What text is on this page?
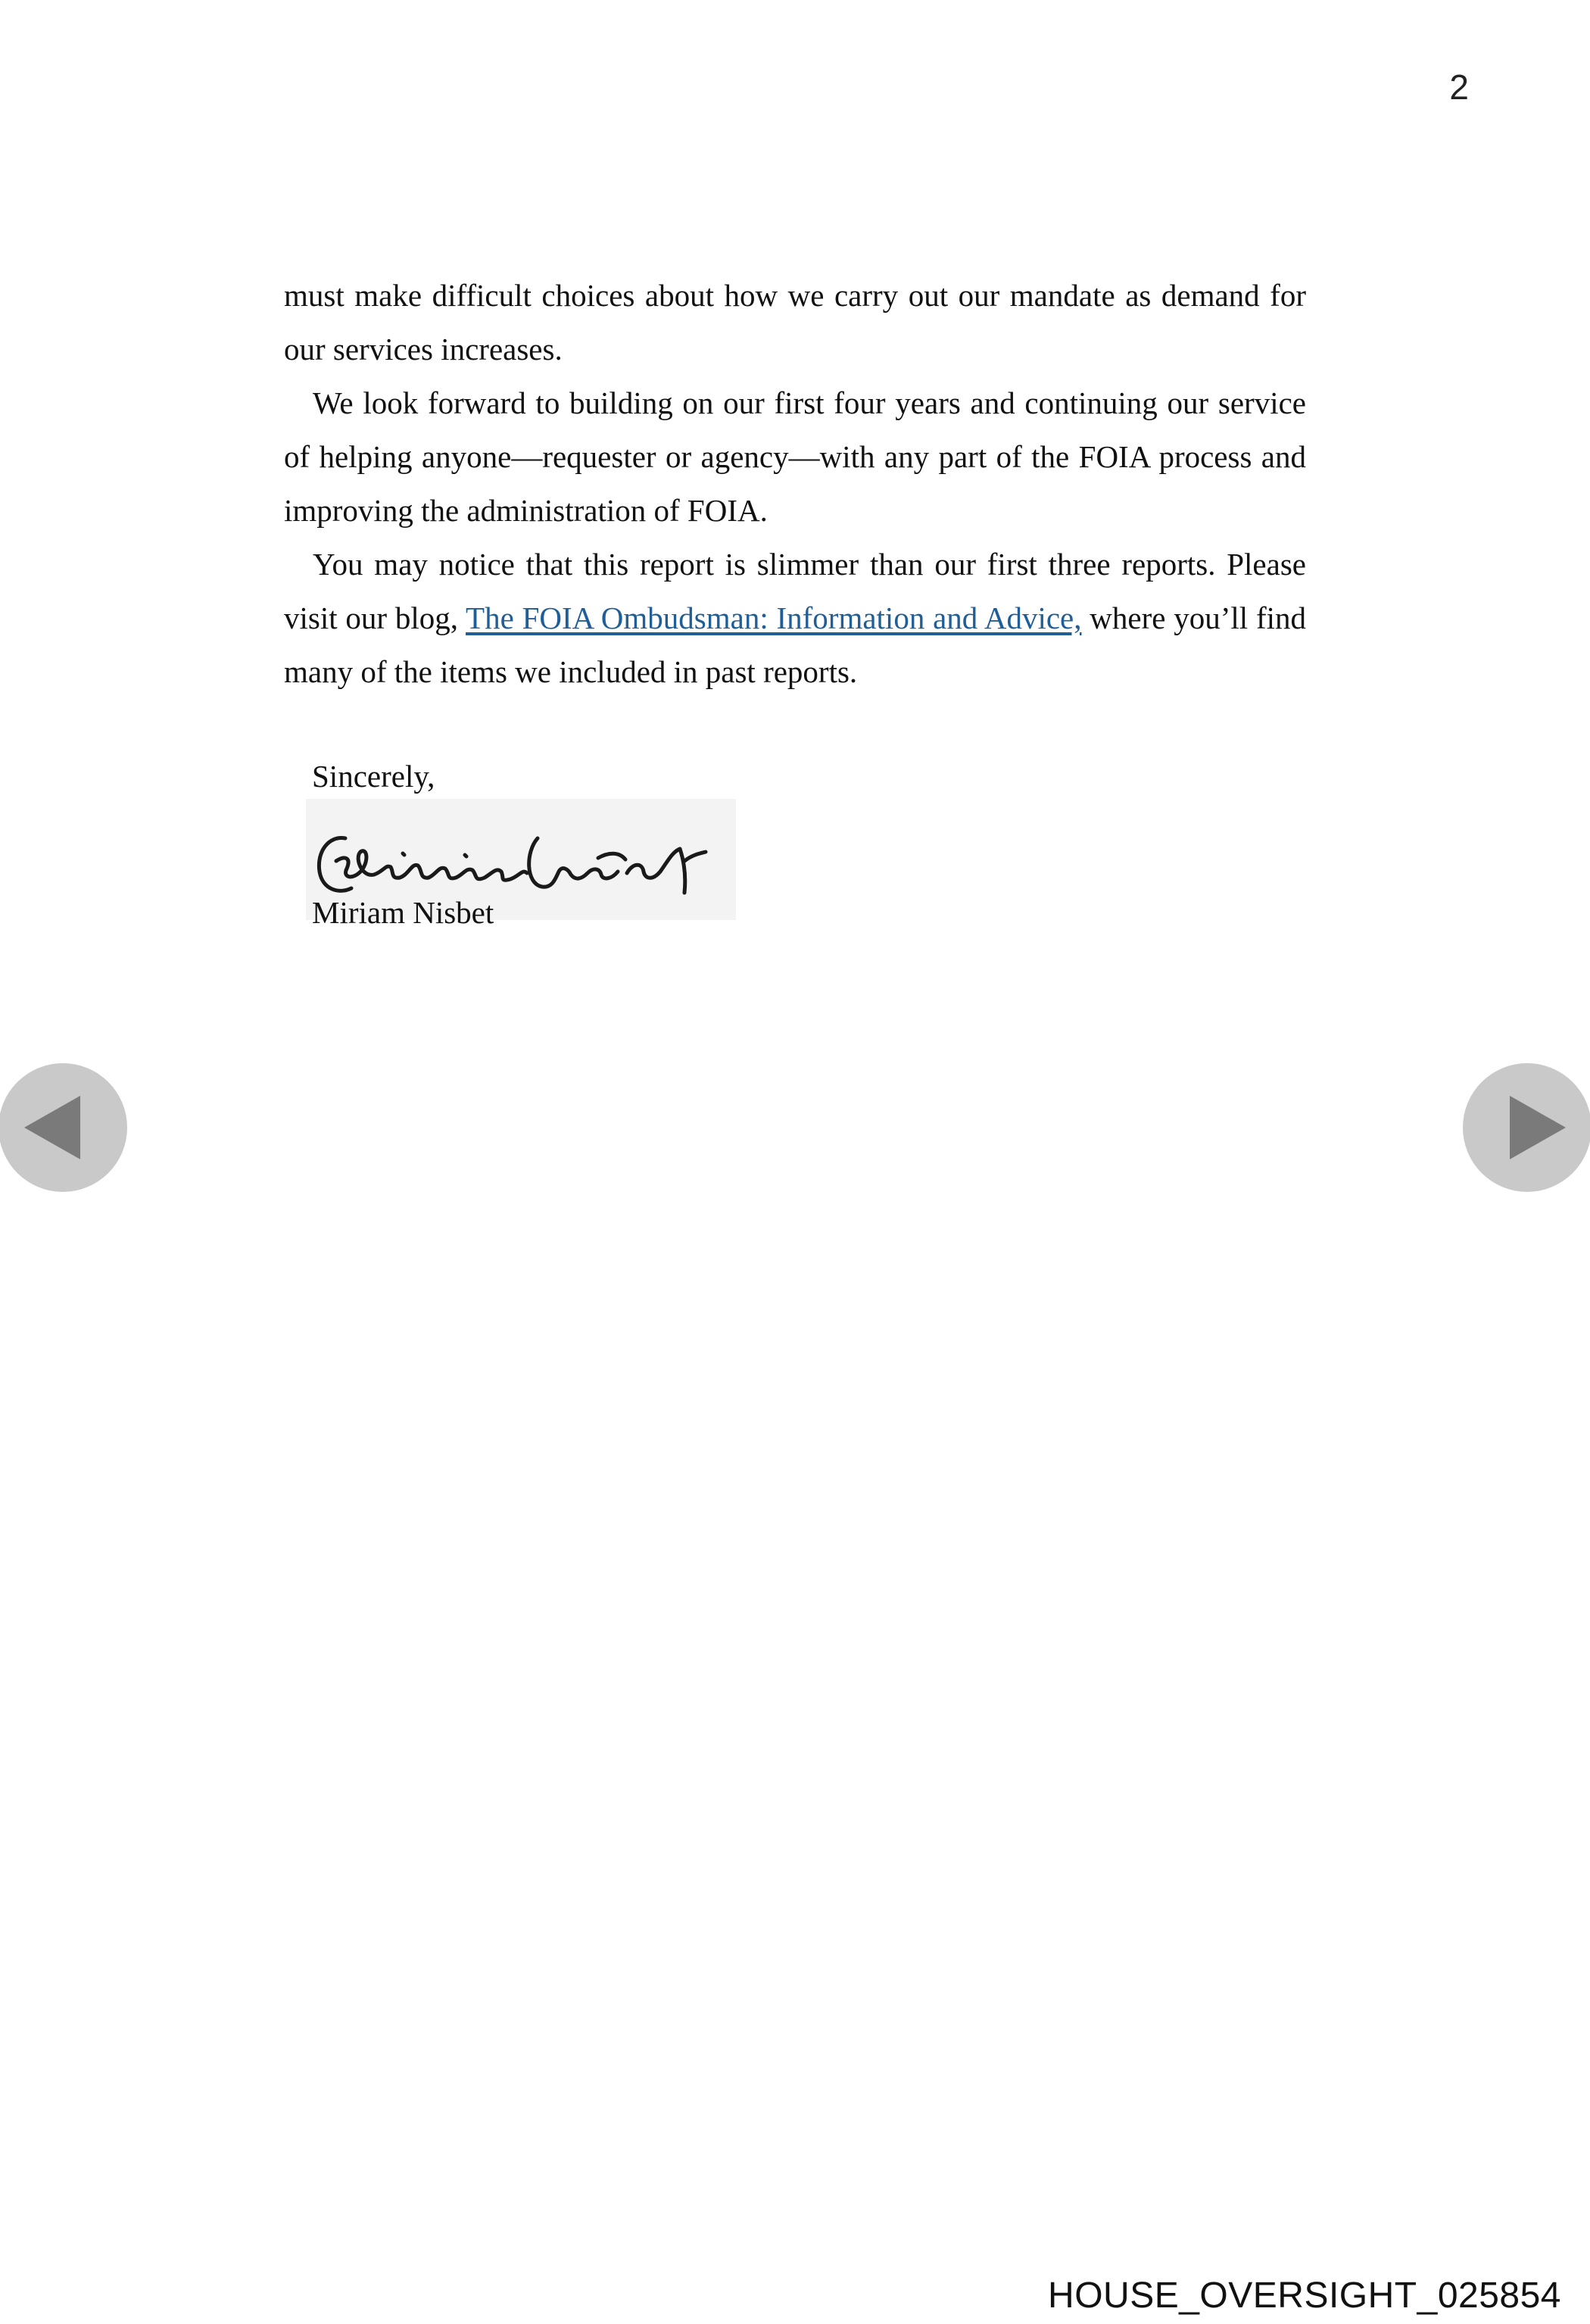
2

must make difficult choices about how we carry out our mandate as demand for our services increases.

We look forward to building on our first four years and continuing our service of helping anyone—requester or agency—with any part of the FOIA process and improving the administration of FOIA.

You may notice that this report is slimmer than our first three reports. Please visit our blog, The FOIA Ombudsman: Information and Advice, where you’ll find many of the items we included in past reports.

Sincerely,
Miriam Nisbet
HOUSE_OVERSIGHT_025854
